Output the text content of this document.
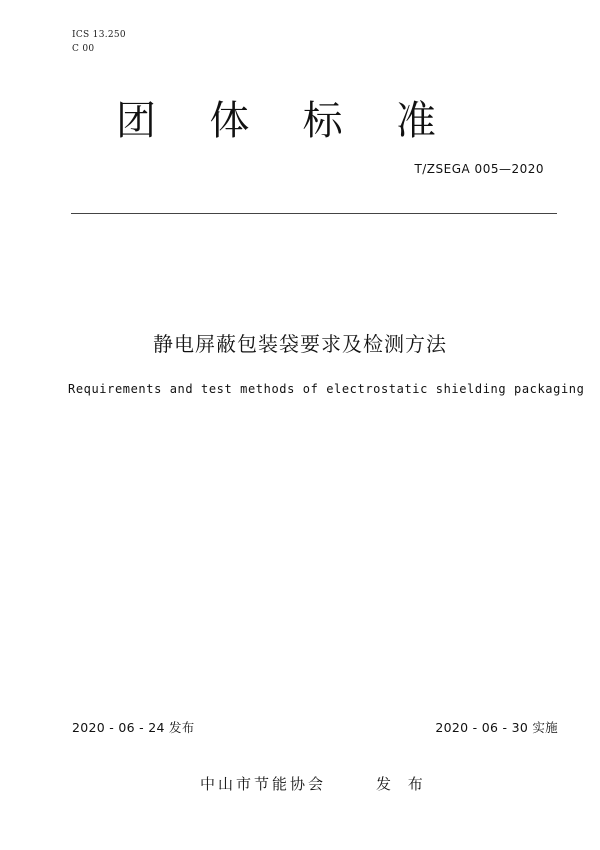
ICS 13.250
C 00
团 体 标 准
T/ZSEGA 005—2020
静电屏蔽包装袋要求及检测方法
Requirements and test methods of electrostatic shielding packaging
2020 - 06 - 24 发布	2020 - 06 - 30 实施
中山市节能协会	发 布
